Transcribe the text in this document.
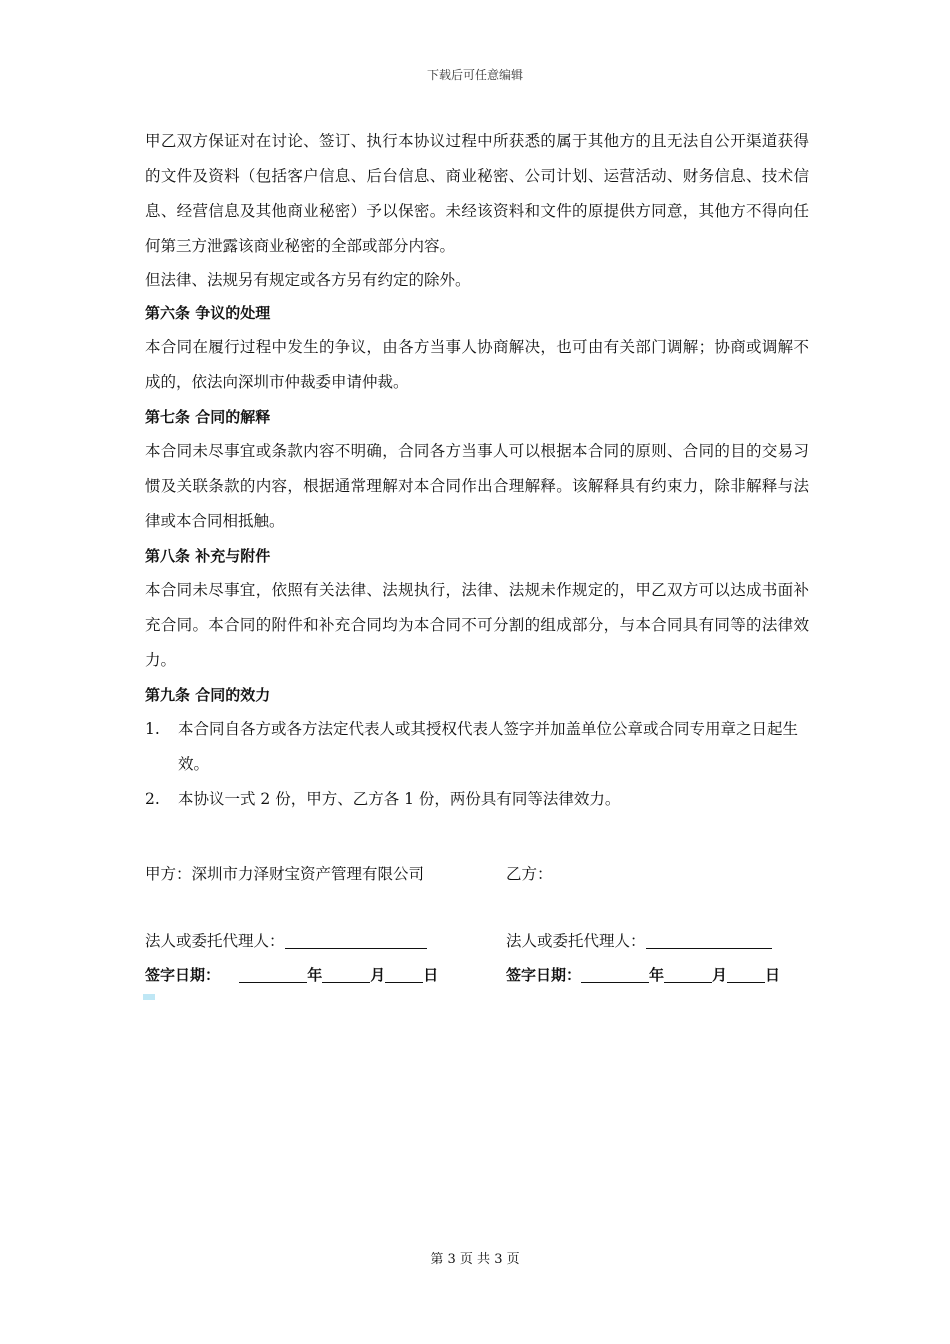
下载后可任意编辑

甲乙双方保证对在讨论、签订、执行本协议过程中所获悉的属于其他方的且无法自公开渠道获得的文件及资料（包括客户信息、后台信息、商业秘密、公司计划、运营活动、财务信息、技术信息、经营信息及其他商业秘密）予以保密。未经该资料和文件的原提供方同意，其他方不得向任何第三方泄露该商业秘密的全部或部分内容。

但法律、法规另有规定或各方另有约定的除外。

第六条 争议的处理

本合同在履行过程中发生的争议，由各方当事人协商解决，也可由有关部门调解；协商或调解不成的，依法向深圳市仲裁委申请仲裁。

第七条 合同的解释

本合同未尽事宜或条款内容不明确，合同各方当事人可以根据本合同的原则、合同的目的交易习惯及关联条款的内容，根据通常理解对本合同作出合理解释。该解释具有约束力，除非解释与法律或本合同相抵触。

第八条 补充与附件

本合同未尽事宜，依照有关法律、法规执行，法律、法规未作规定的，甲乙双方可以达成书面补充合同。本合同的附件和补充合同均为本合同不可分割的组成部分，与本合同具有同等的法律效力。

第九条 合同的效力

1. 本合同自各方或各方法定代表人或其授权代表人签字并加盖单位公章或合同专用章之日起生效。

2. 本协议一式 2 份，甲方、乙方各 1 份，两份具有同等法律效力。

甲方：深圳市力泽财宝资产管理有限公司	乙方：
法人或委托代理人：	法人或委托代理人：
签字日期：	年	月	日	签字日期：	年	月	日
第 3 页 共 3 页
